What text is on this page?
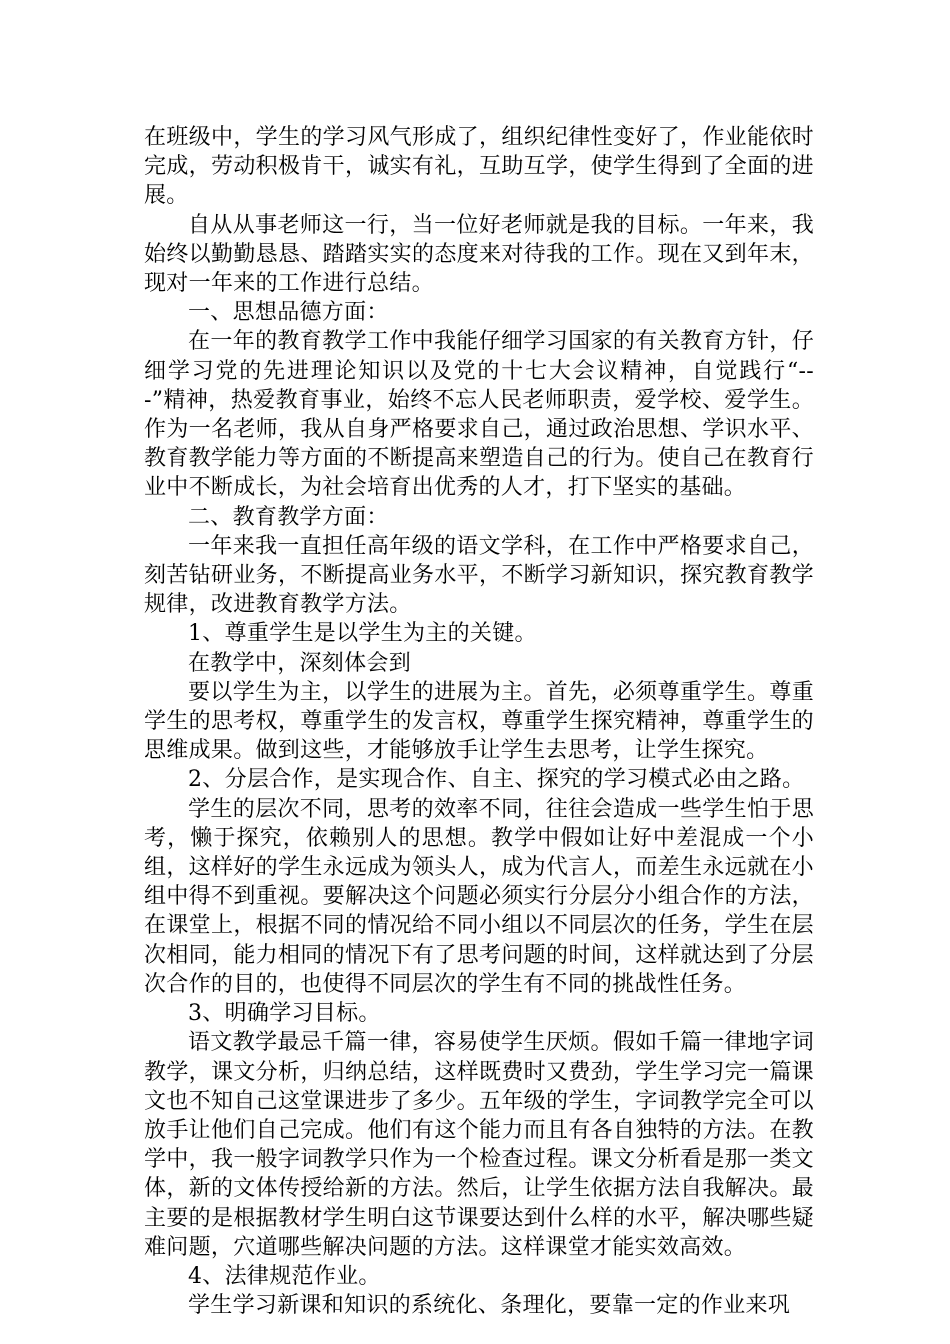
在班级中，学生的学习风气形成了，组织纪律性变好了，作业能依时完成，劳动积极肯干，诚实有礼，互助互学，使学生得到了全面的进展。

自从从事老师这一行，当一位好老师就是我的目标。一年来，我始终以勤勤恳恳、踏踏实实的态度来对待我的工作。现在又到年末，现对一年来的工作进行总结。

一、思想品德方面：

在一年的教育教学工作中我能仔细学习国家的有关教育方针，仔细学习党的先进理论知识以及党的十七大会议精神，自觉践行“---”精神，热爱教育事业，始终不忘人民老师职责，爱学校、爱学生。作为一名老师，我从自身严格要求自己，通过政治思想、学识水平、教育教学能力等方面的不断提高来塑造自己的行为。使自己在教育行业中不断成长，为社会培育出优秀的人才，打下坚实的基础。

二、教育教学方面：

一年来我一直担任高年级的语文学科，在工作中严格要求自己，刻苦钻研业务，不断提高业务水平，不断学习新知识，探究教育教学规律，改进教育教学方法。

1、尊重学生是以学生为主的关键。

在教学中，深刻体会到

要以学生为主，以学生的进展为主。首先，必须尊重学生。尊重学生的思考权，尊重学生的发言权，尊重学生探究精神，尊重学生的思维成果。做到这些，才能够放手让学生去思考，让学生探究。

2、分层合作，是实现合作、自主、探究的学习模式必由之路。

学生的层次不同，思考的效率不同，往往会造成一些学生怕于思考，懒于探究，依赖别人的思想。教学中假如让好中差混成一个小组，这样好的学生永远成为领头人，成为代言人，而差生永远就在小组中得不到重视。要解决这个问题必须实行分层分小组合作的方法，在课堂上，根据不同的情况给不同小组以不同层次的任务，学生在层次相同，能力相同的情况下有了思考问题的时间，这样就达到了分层次合作的目的，也使得不同层次的学生有不同的挑战性任务。

3、明确学习目标。

语文教学最忌千篇一律，容易使学生厌烦。假如千篇一律地字词教学，课文分析，归纳总结，这样既费时又费劲，学生学习完一篇课文也不知自己这堂课进步了多少。五年级的学生，字词教学完全可以放手让他们自己完成。他们有这个能力而且有各自独特的方法。在教学中，我一般字词教学只作为一个检查过程。课文分析看是那一类文体，新的文体传授给新的方法。然后，让学生依据方法自我解决。最主要的是根据教材学生明白这节课要达到什么样的水平，解决哪些疑难问题，穴道哪些解决问题的方法。这样课堂才能实效高效。

4、法律规范作业。

学生学习新课和知识的系统化、条理化，要靠一定的作业来巩
